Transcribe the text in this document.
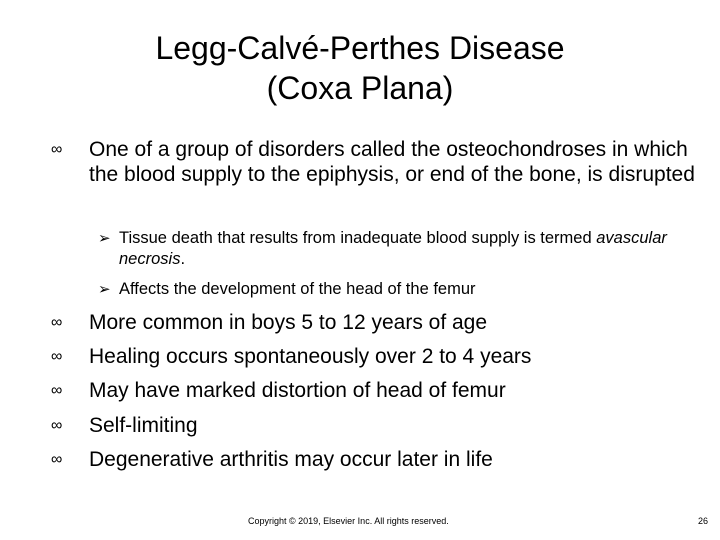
Legg-Calvé-Perthes Disease
(Coxa Plana)
∞ One of a group of disorders called the osteochondroses in which the blood supply to the epiphysis, or end of the bone, is disrupted
➢ Tissue death that results from inadequate blood supply is termed avascular necrosis.
➢ Affects the development of the head of the femur
∞ More common in boys 5 to 12 years of age
∞ Healing occurs spontaneously over 2 to 4 years
∞ May have marked distortion of head of femur
∞ Self-limiting
∞ Degenerative arthritis may occur later in life
Copyright © 2019, Elsevier Inc. All rights reserved.	26
